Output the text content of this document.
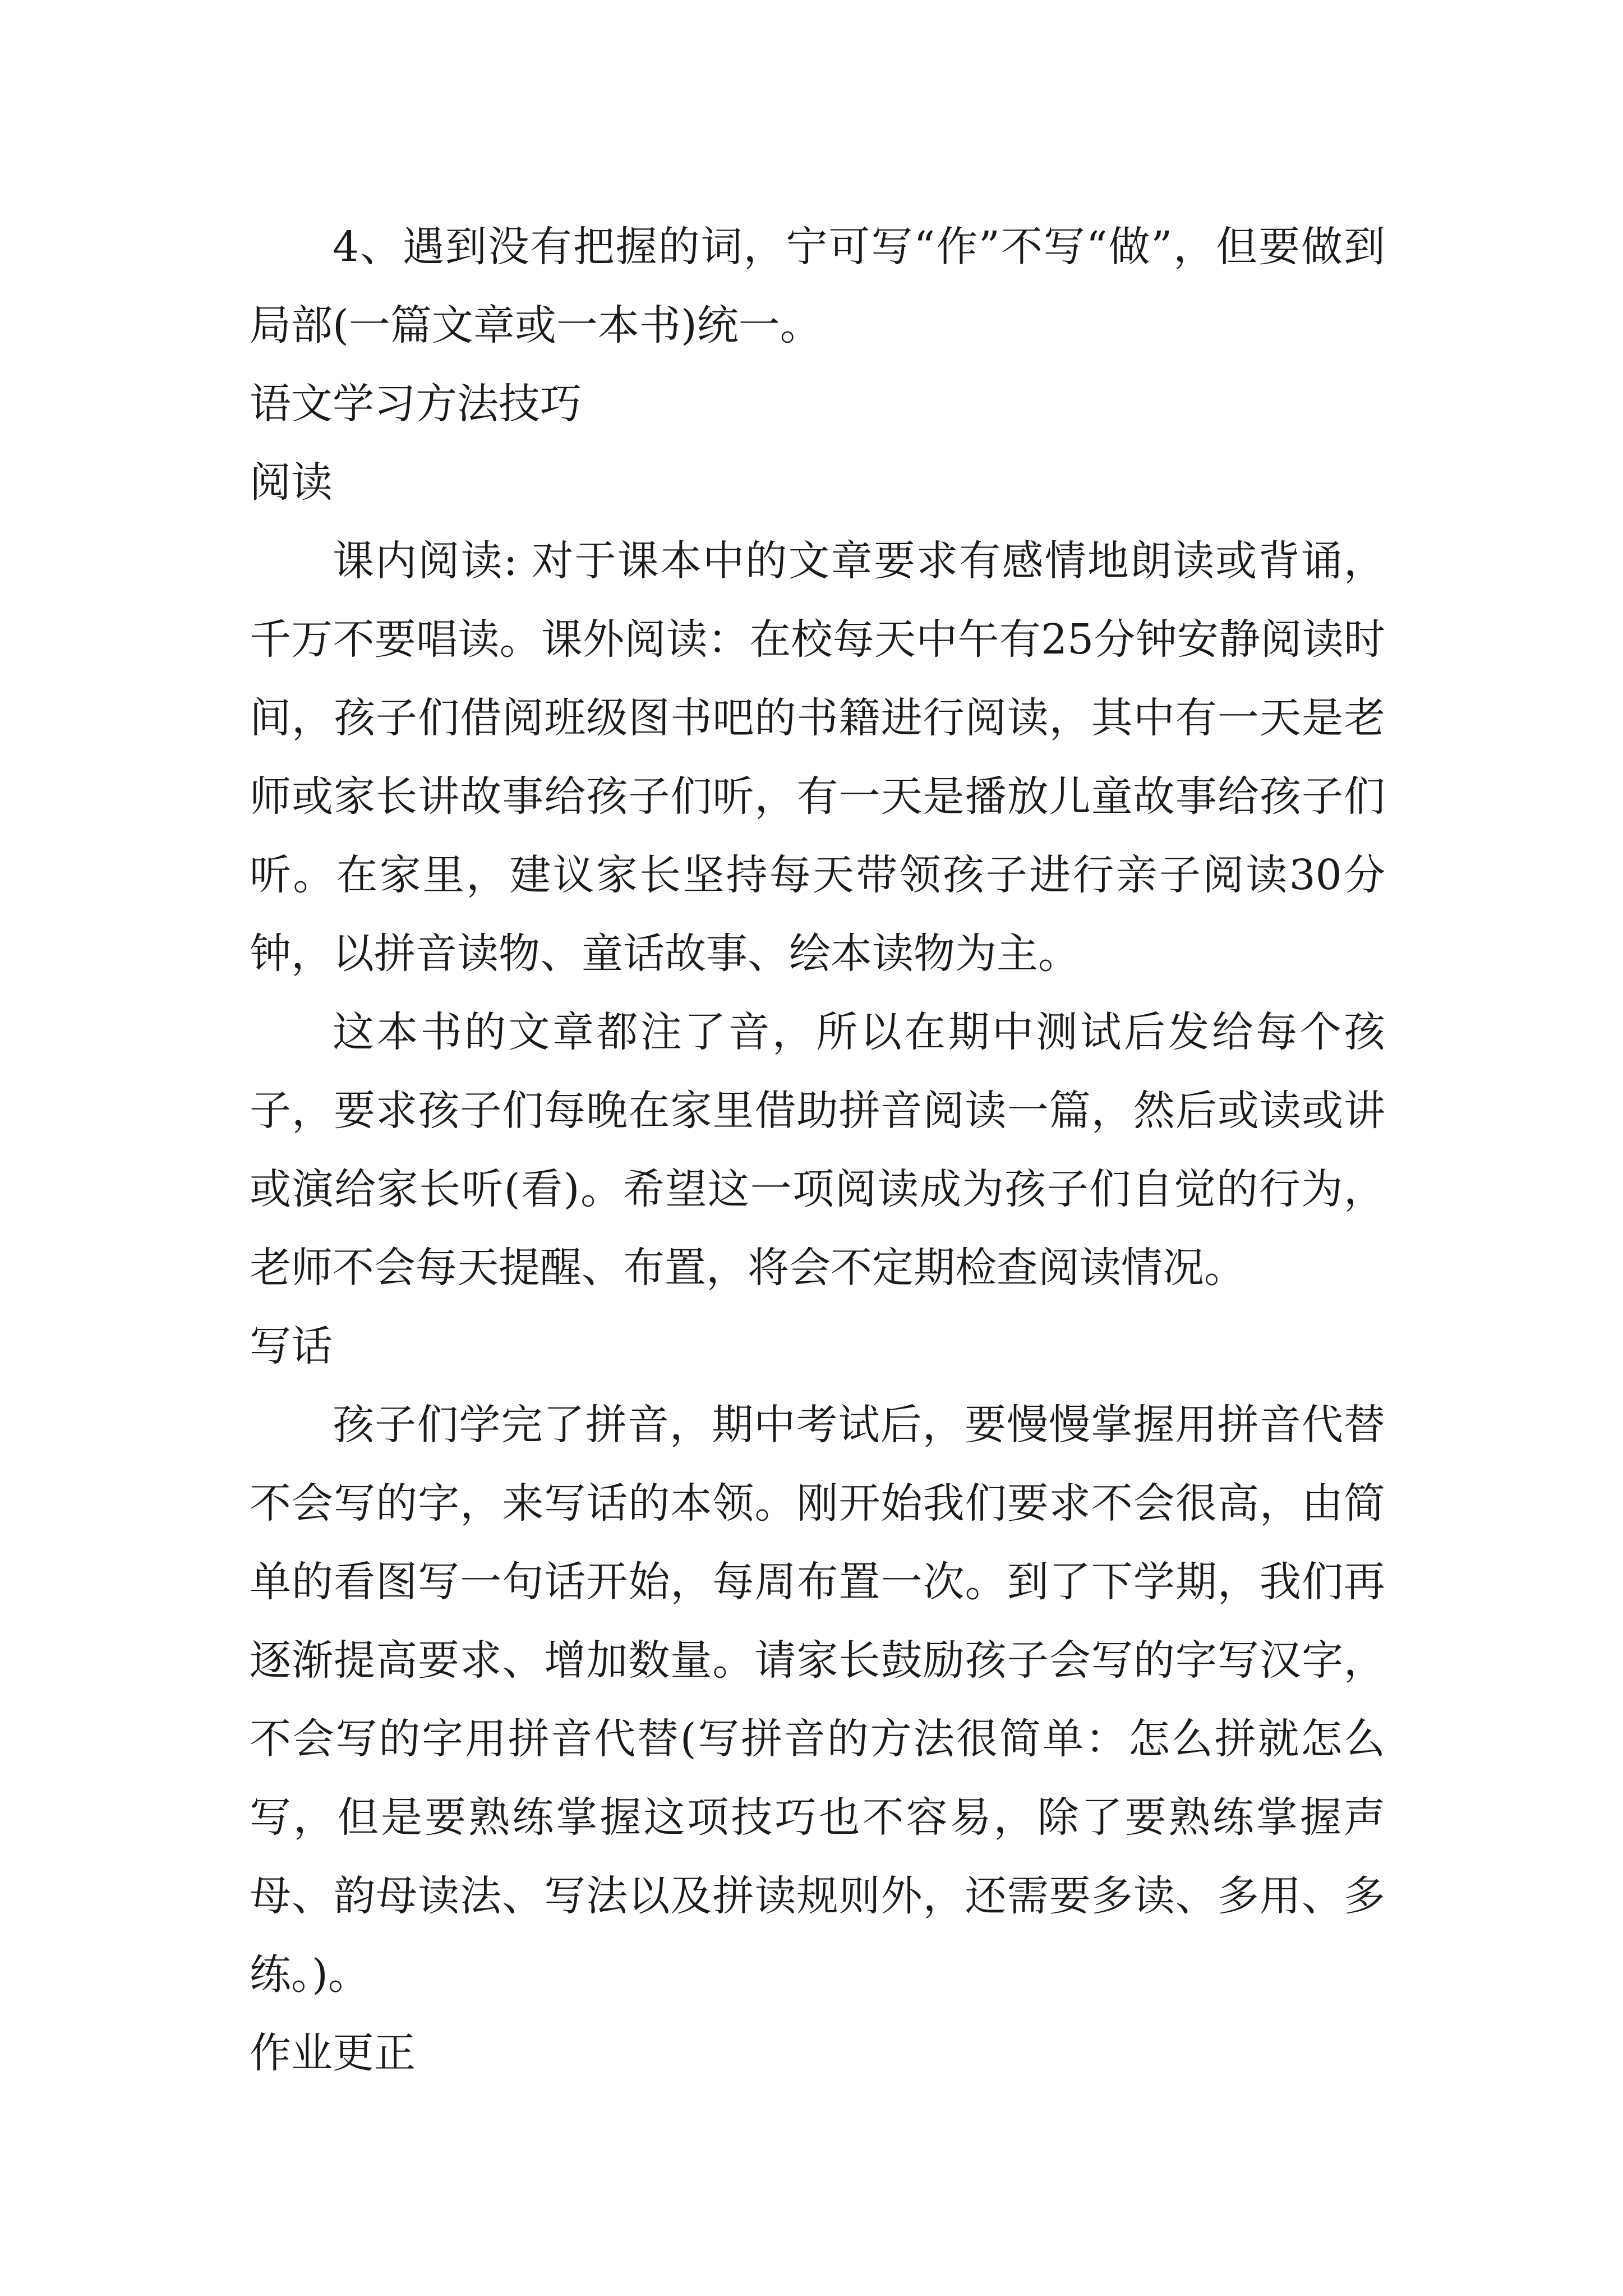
4、遇到没有把握的词，宁可写“作”不写“做”，但要做到局部(一篇文章或一本书)统一。

语文学习方法技巧

阅读

课内阅读: 对于课本中的文章要求有感情地朗读或背诵，千万不要唱读。课外阅读：在校每天中午有25分钟安静阅读时间，孩子们借阅班级图书吧的书籍进行阅读，其中有一天是老师或家长讲故事给孩子们听，有一天是播放儿童故事给孩子们听。在家里，建议家长坚持每天带领孩子进行亲子阅读30分钟，以拼音读物、童话故事、绘本读物为主。

这本书的文章都注了音，所以在期中测试后发给每个孩子，要求孩子们每晚在家里借助拼音阅读一篇，然后或读或讲或演给家长听(看)。希望这一项阅读成为孩子们自觉的行为，老师不会每天提醒、布置，将会不定期检查阅读情况。

写话

孩子们学完了拼音，期中考试后，要慢慢掌握用拼音代替不会写的字，来写话的本领。刚开始我们要求不会很高，由简单的看图写一句话开始，每周布置一次。到了下学期，我们再逐渐提高要求、增加数量。请家长鼓励孩子会写的字写汉字，不会写的字用拼音代替(写拼音的方法很简单：怎么拼就怎么写，但是要熟练掌握这项技巧也不容易，除了要熟练掌握声母、韵母读法、写法以及拼读规则外，还需要多读、多用、多练。)。

作业更正
